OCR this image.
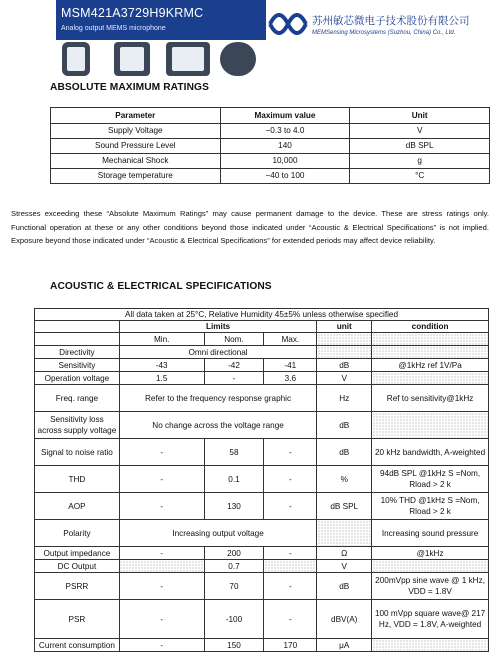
MSM421A3729H9KRMC
Analog output MEMS microphone
苏州敏芯微电子技术股份有限公司
MEMSensing Microsystems (Suzhou, China) Co., Ltd.
ABSOLUTE MAXIMUM RATINGS
Parameter	Maximum value	Unit
Supply Voltage	−0.3 to 4.0	V
Sound Pressure Level	140	dB SPL
Mechanical Shock	10,000	g
Storage temperature	−40 to 100	°C

Stresses exceeding these “Absolute Maximum Ratings” may cause permanent damage to the device. These are stress ratings only. Functional operation at these or any other conditions beyond those indicated under “Acoustic & Electrical Specifications” is not implied. Exposure beyond those indicated under “Acoustic & Electrical Specifications” for extended periods may affect device reliability.

ACOUSTIC & ELECTRICAL SPECIFICATIONS
All data taken at 25°C, Relative Humidity 45±5% unless otherwise specified					
	Limits			unit	condition
	Min.	Nom.	Max.		
Directivity	Omni directional				
Sensitivity	-43	-42	-41	dB	@1kHz ref 1V/Pa
Operation voltage	1.5	-	3.6	V	
Freq. range	Refer to the frequency response graphic			Hz	Ref to sensitivity@1kHz
Sensitivity loss across supply voltage	No change across the voltage range			dB	
Signal to noise ratio	-	58	-	dB	20 kHz bandwidth, A-weighted
THD	-	0.1	-	%	94dB SPL @1kHz S =Nom, Rload > 2 k
AOP	-	130	-	dB SPL	10% THD @1kHz S =Nom, Rload > 2 k
Polarity	Increasing output voltage				Increasing sound pressure
Output impedance	-	200	-	Ω	@1kHz
DC Output		0.7		V	
PSRR	-	70	-	dB	200mVpp sine wave @ 1 kHz, VDD = 1.8V
PSR	-	-100	-	dBV(A)	100 mVpp square wave@ 217 Hz, VDD = 1.8V, A-weighted
Current consumption	-	150	170	μA	
